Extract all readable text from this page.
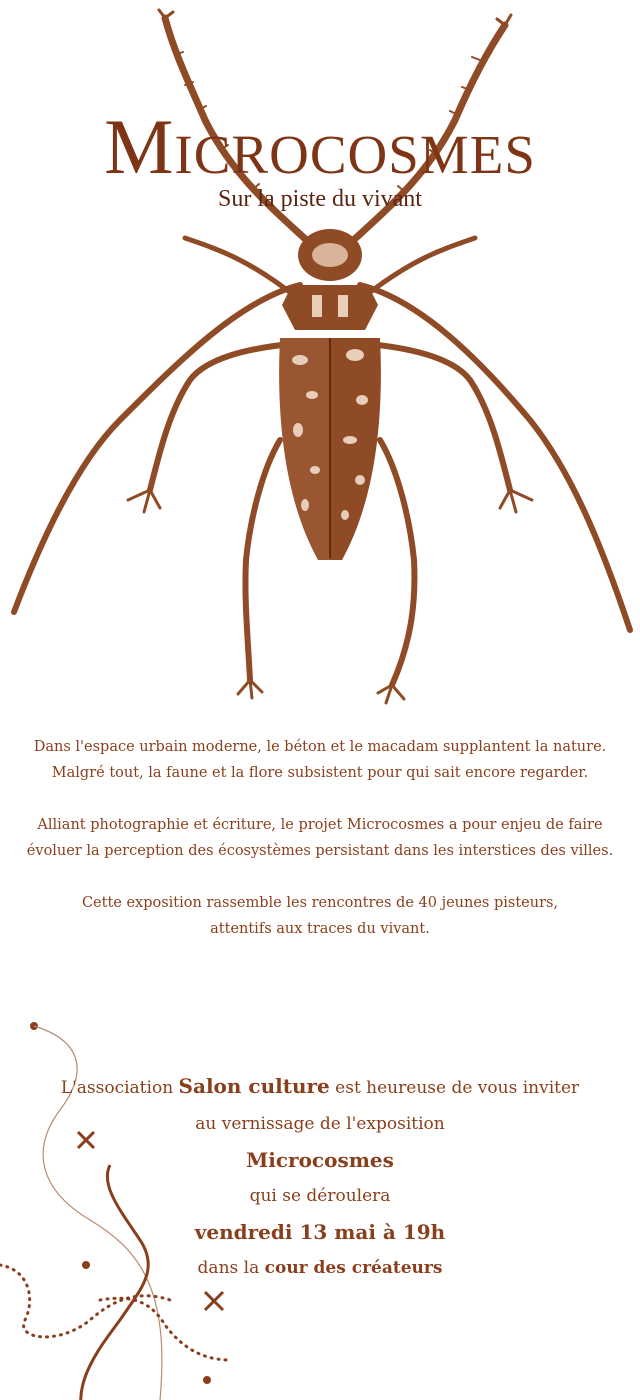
Microcosmes
Sur la piste du vivant

Dans l'espace urbain moderne, le béton et le macadam supplantent la nature.
Malgré tout, la faune et la flore subsistent pour qui sait encore regarder.

Alliant photographie et écriture, le projet Microcosmes a pour enjeu de faire
évoluer la perception des écosystèmes persistant dans les interstices des villes.

Cette exposition rassemble les rencontres de 40 jeunes pisteurs,
attentifs aux traces du vivant.

L'association Salon culture est heureuse de vous inviter
au vernissage de l'exposition
Microcosmes
qui se déroulera
vendredi 13 mai à 19h
dans la cour des créateurs
